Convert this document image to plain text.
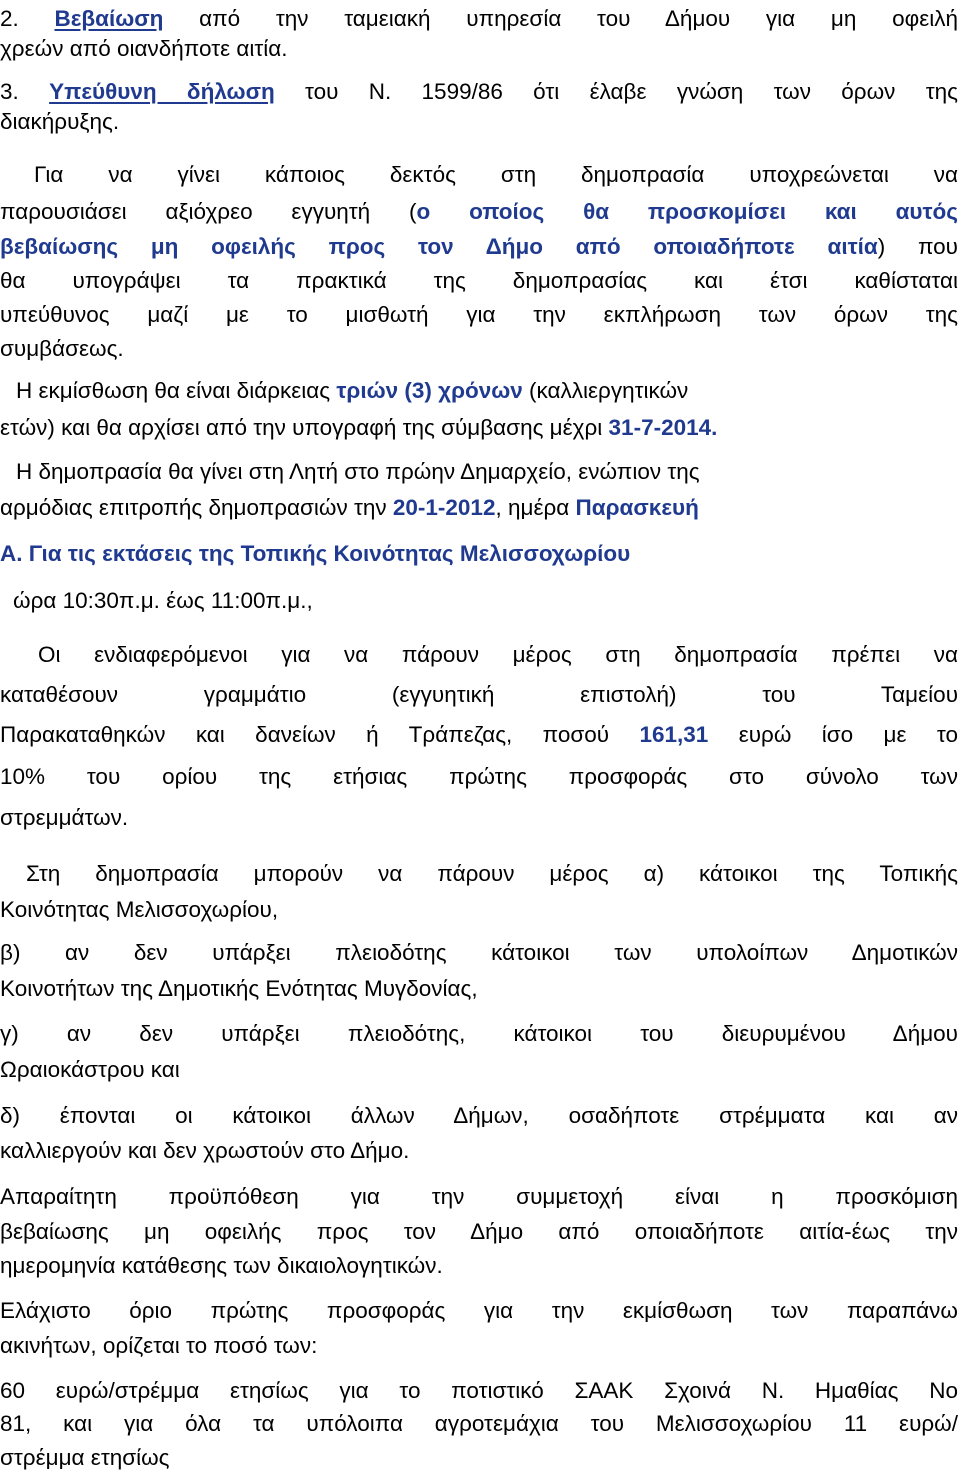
2. Βεβαίωση από την ταμειακή υπηρεσία του Δήμου για μη οφειλή
χρεών από οιανδήποτε αιτία.
3. Υπεύθυνη δήλωση του Ν. 1599/86 ότι έλαβε γνώση των όρων της
διακήρυξης.
Για να γίνει κάποιος δεκτός στη δημοπρασία υποχρεώνεται να
παρουσιάσει αξιόχρεο εγγυητή (ο οποίος θα προσκομίσει και αυτός
βεβαίωσης μη οφειλής προς τον Δήμο από οποιαδήποτε αιτία) που
θα υπογράψει τα πρακτικά της δημοπρασίας και έτσι καθίσταται
υπεύθυνος μαζί με το μισθωτή για την εκπλήρωση των όρων της
συμβάσεως.
Η εκμίσθωση θα είναι διάρκειας τριών (3) χρόνων (καλλιεργητικών
ετών) και θα αρχίσει από την υπογραφή της σύμβασης μέχρι 31-7-2014.
Η δημοπρασία θα γίνει στη Λητή στο πρώην Δημαρχείο, ενώπιον της
αρμόδιας επιτροπής δημοπρασιών την 20-1-2012, ημέρα Παρασκευή
Α. Για τις εκτάσεις της Τοπικής Κοινότητας Μελισσοχωρίου
ώρα 10:30π.μ. έως 11:00π.μ.,
Οι ενδιαφερόμενοι για να πάρουν μέρος στη δημοπρασία πρέπει να
καταθέσουν γραμμάτιο (εγγυητική επιστολή) του Ταμείου
Παρακαταθηκών και δανείων ή Τράπεζας, ποσού 161,31 ευρώ ίσο με το
10% του ορίου της ετήσιας πρώτης προσφοράς στο σύνολο των
στρεμμάτων.
Στη δημοπρασία μπορούν να πάρουν μέρος α) κάτοικοι της Τοπικής
Κοινότητας Μελισσοχωρίου,
β) αν δεν υπάρξει πλειοδότης κάτοικοι των υπολοίπων Δημοτικών
Κοινοτήτων της Δημοτικής Ενότητας Μυγδονίας,
γ) αν δεν υπάρξει πλειοδότης, κάτοικοι του διευρυμένου Δήμου
Ωραιοκάστρου και
δ) έπονται οι κάτοικοι άλλων Δήμων, οσαδήποτε στρέμματα και αν
καλλιεργούν και δεν χρωστούν στο Δήμο.
Απαραίτητη προϋπόθεση για την συμμετοχή είναι η προσκόμιση
βεβαίωσης μη οφειλής προς τον Δήμο από οποιαδήποτε αιτία-έως την
ημερομηνία κατάθεσης των δικαιολογητικών.
Ελάχιστο όριο πρώτης προσφοράς για την εκμίσθωση των παραπάνω
ακινήτων, ορίζεται το ποσό των:
60 ευρώ/στρέμμα ετησίως για το ποτιστικό ΣΑΑΚ Σχοινά Ν. Ημαθίας Νο
81, και για όλα τα υπόλοιπα αγροτεμάχια του Μελισσοχωρίου 11 ευρώ/
στρέμμα ετησίως
